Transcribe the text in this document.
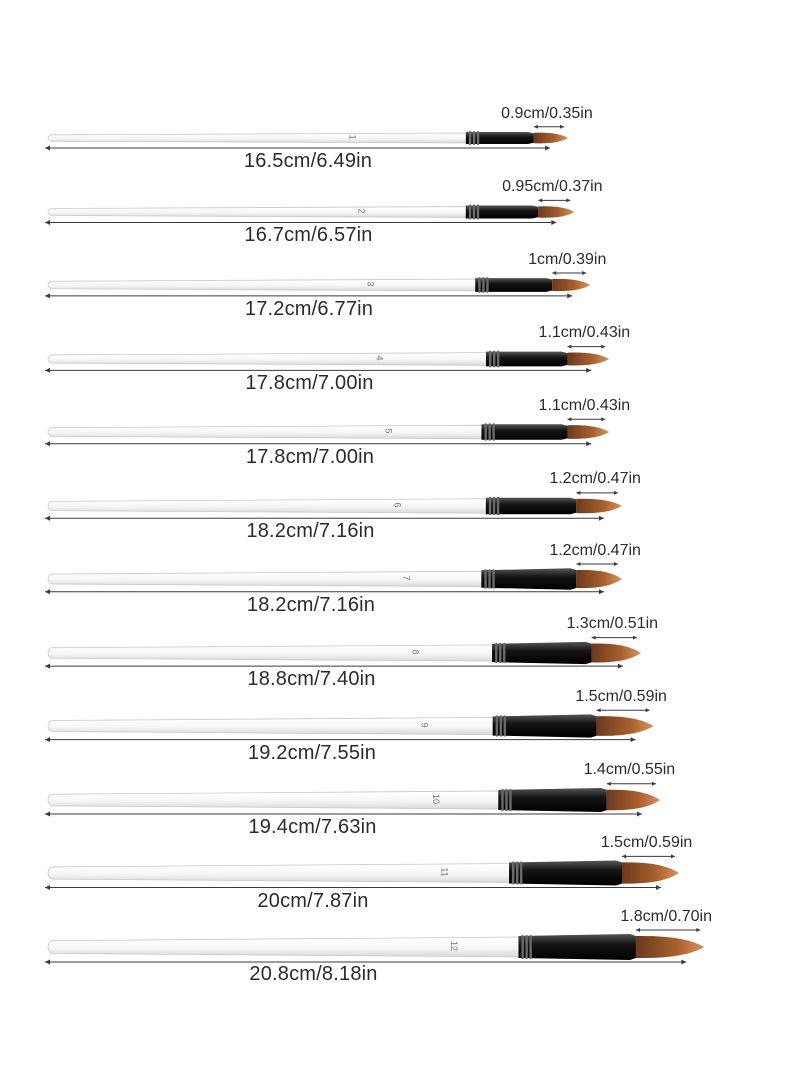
1
16.5cm/6.49in
0.9cm/0.35in
2
16.7cm/6.57in
0.95cm/0.37in
3
17.2cm/6.77in
1cm/0.39in
4
17.8cm/7.00in
1.1cm/0.43in
5
17.8cm/7.00in
1.1cm/0.43in
6
18.2cm/7.16in
1.2cm/0.47in
7
18.2cm/7.16in
1.2cm/0.47in
8
18.8cm/7.40in
1.3cm/0.51in
9
19.2cm/7.55in
1.5cm/0.59in
10
19.4cm/7.63in
1.4cm/0.55in
11
20cm/7.87in
1.5cm/0.59in
12
20.8cm/8.18in
1.8cm/0.70in
